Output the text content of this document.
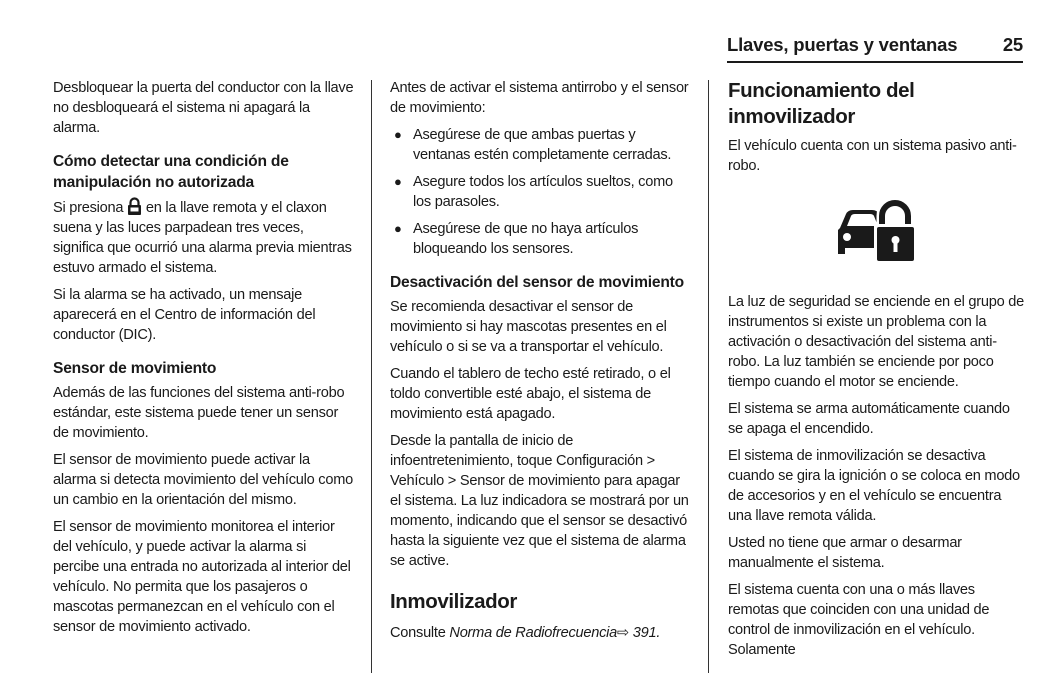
Llaves, puertas y ventanas 25

Desbloquear la puerta del conductor con la llave no desbloqueará el sistema ni apagará la alarma.

Cómo detectar una condición de manipulación no autorizada

Si presiona en la llave remota y el claxon suena y las luces parpadean tres veces, significa que ocurrió una alarma previa mientras estuvo armado el sistema.

Si la alarma se ha activado, un mensaje aparecerá en el Centro de información del conductor (DIC).

Sensor de movimiento

Además de las funciones del sistema anti-robo estándar, este sistema puede tener un sensor de movimiento.

El sensor de movimiento puede activar la alarma si detecta movimiento del vehículo como un cambio en la orientación del mismo.

El sensor de movimiento monitorea el interior del vehículo, y puede activar la alarma si percibe una entrada no autorizada al interior del vehículo. No permita que los pasajeros o mascotas permanezcan en el vehículo con el sensor de movimiento activado.

Antes de activar el sistema antirrobo y el sensor de movimiento:

● Asegúrese de que ambas puertas y ventanas estén completamente cerradas.
● Asegure todos los artículos sueltos, como los parasoles.
● Asegúrese de que no haya artículos bloqueando los sensores.
Desactivación del sensor de movimiento

Se recomienda desactivar el sensor de movimiento si hay mascotas presentes en el vehículo o si se va a transportar el vehículo.

Cuando el tablero de techo esté retirado, o el toldo convertible esté abajo, el sistema de movimiento está apagado.

Desde la pantalla de inicio de infoentretenimiento, toque Configuración > Vehículo > Sensor de movimiento para apagar el sistema. La luz indicadora se mostrará por un momento, indicando que el sensor se desactivó hasta la siguiente vez que el sistema de alarma se active.

Inmovilizador

Consulte Norma de Radiofrecuencia⇨ 391.

Funcionamiento del inmovilizador

El vehículo cuenta con un sistema pasivo anti-robo.

La luz de seguridad se enciende en el grupo de instrumentos si existe un problema con la activación o desactivación del sistema anti-robo. La luz también se enciende por poco tiempo cuando el motor se enciende.

El sistema se arma automáticamente cuando se apaga el encendido.

El sistema de inmovilización se desactiva cuando se gira la ignición o se coloca en modo de accesorios y en el vehículo se encuentra una llave remota válida.

Usted no tiene que armar o desarmar manualmente el sistema.

El sistema cuenta con una o más llaves remotas que coinciden con una unidad de control de inmovilización en el vehículo. Solamente
